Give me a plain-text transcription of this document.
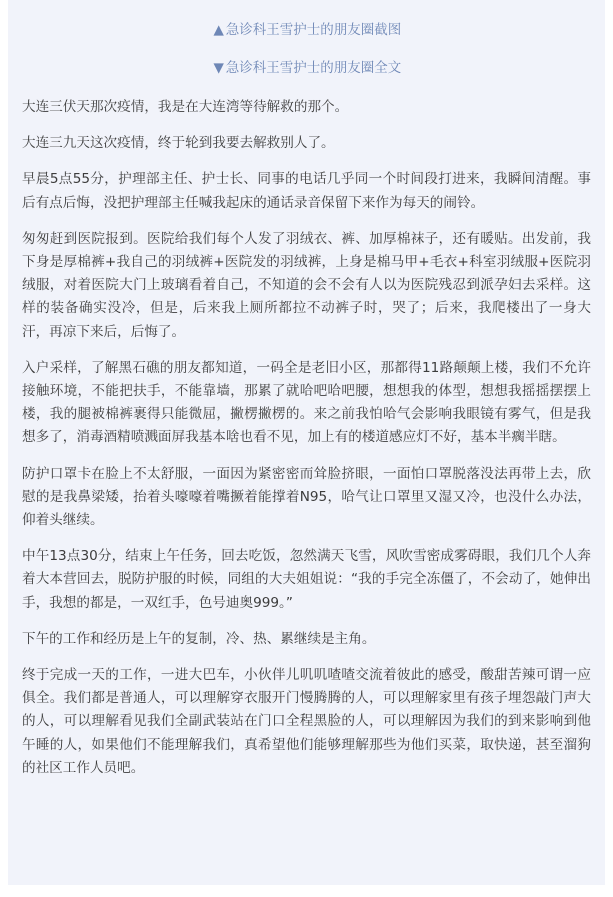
▲ 急诊科王雪护士的朋友圈截图
▼ 急诊科王雪护士的朋友圈全文

大连三伏天那次疫情，我是在大连湾等待解救的那个。

大连三九天这次疫情，终于轮到我要去解救别人了。

早晨5点55分，护理部主任、护士长、同事的电话几乎同一个时间段打进来，我瞬间清醒。事后有点后悔，没把护理部主任喊我起床的通话录音保留下来作为每天的闹铃。

匆匆赶到医院报到。医院给我们每个人发了羽绒衣、裤、加厚棉袜子，还有暖贴。出发前，我下身是厚棉裤+我自己的羽绒裤+医院发的羽绒裤，上身是棉马甲+毛衣+科室羽绒服+医院羽绒服，对着医院大门上玻璃看着自己，不知道的会不会有人以为医院残忍到派孕妇去采样。这样的装备确实没冷，但是，后来我上厕所都拉不动裤子时，哭了；后来，我爬楼出了一身大汗，再凉下来后，后悔了。

入户采样，了解黑石礁的朋友都知道，一码全是老旧小区，那都得11路颠颠上楼，我们不允许接触环境，不能把扶手，不能靠墙，那累了就哈吧哈吧腰，想想我的体型，想想我摇摇摆摆上楼，我的腿被棉裤裹得只能微屈，撇楞撇楞的。来之前我怕哈气会影响我眼镜有雾气，但是我想多了，消毒酒精喷溅面屏我基本啥也看不见，加上有的楼道感应灯不好，基本半瘸半瞎。

防护口罩卡在脸上不太舒服，一面因为紧密密而耸脸挤眼，一面怕口罩脱落没法再带上去，欣慰的是我鼻梁矮，抬着头嚎嚎着嘴撅着能撑着N95，哈气让口罩里又湿又冷，也没什么办法，仰着头继续。

中午13点30分，结束上午任务，回去吃饭，忽然满天飞雪，风吹雪密成雾碍眼，我们几个人奔着大本营回去，脱防护服的时候，同组的大夫姐姐说：“我的手完全冻僵了，不会动了，她伸出手，我想的都是，一双红手，色号迪奥999。”

下午的工作和经历是上午的复制，冷、热、累继续是主角。

终于完成一天的工作，一进大巴车，小伙伴儿叽叽喳喳交流着彼此的感受，酸甜苦辣可谓一应俱全。我们都是普通人，可以理解穿衣服开门慢腾腾的人，可以理解家里有孩子埋怨敲门声大的人，可以理解看见我们全副武装站在门口全程黑脸的人，可以理解因为我们的到来影响到他午睡的人，如果他们不能理解我们，真希望他们能够理解那些为他们买菜，取快递，甚至溜狗的社区工作人员吧。
